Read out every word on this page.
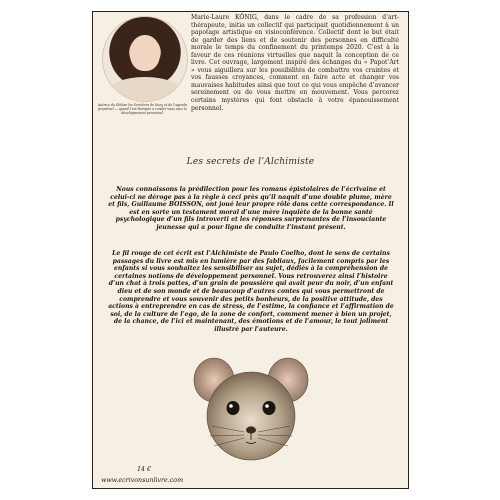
Autrice du Shilian los Sorcières de Suey et de l’agenda perpétuel — quand l’art thérapie a rendez-vous avec le développement personnel.
Marie-Laure KÖNIG, dans le cadre de sa profession d’art-thérapeute, initia un collectif qui participait quotidiennement à un papotage artistique en visioconférence. Collectif dont le but était de garder des liens et de soutenir des personnes en difficulté morale le temps du confinement du printemps 2020. C’est à la faveur de ces réunions virtuelles que naquit la conception de ce livre. Cet ouvrage, largement inspiré des échanges du « Papot’Art » vous aiguillera sur les possibilités de combattre vos craintes et vos fausses croyances, comment en faire acte et changer vos mauvaises habitudes ainsi que tout ce qui vous empêche d’avancer sereinement ou de vous mettre en mouvement. Vous percerez certains mystères qui font obstacle à votre épanouissement personnel.
Les secrets de l’Alchimiste
Nous connaissons la prédilection pour les romans épistolaires de l’écrivaine et celui-ci ne déroge pas à la règle à ceci près qu’il naquit d’une double plume, mère et fils, Guillaume BOISSON, ont joué leur propre rôle dans cette correspondance. Il est en sorte un testament moral d’une mère inquiète de la bonne santé psychologique d’un fils introverti et les réponses surprenantes de l’insouciante jeunesse qui a pour ligne de conduite l’instant présent.
Le fil rouge de cet écrit est l’Alchimiste de Paulo Coelho, dont le sens de certains passages du livre est mis en lumière par des fabliaux, facilement compris par les enfants si vous souhaitez les sensibiliser au sujet, dédiés à la compréhension de certaines notions de développement personnel. Vous retrouverez ainsi l’histoire d’un chat à trois pattes, d’un grain de poussière qui avait peur du noir, d’un enfant dieu et de son monde et de beaucoup d’autres contes qui vous permettront de comprendre et vous souvenir des petits bonheurs, de la positive attitude, des actions à entreprendre en cas de stress, de l’estime, la confiance et l’affirmation de soi, de la culture de l’ego, de la zone de confort, comment mener à bien un projet, de la chance, de l’ici et maintenant, des émotions et de l’amour, le tout joliment illustré par l’auteure.
14 €
www.ecrivonsunlivre.com
